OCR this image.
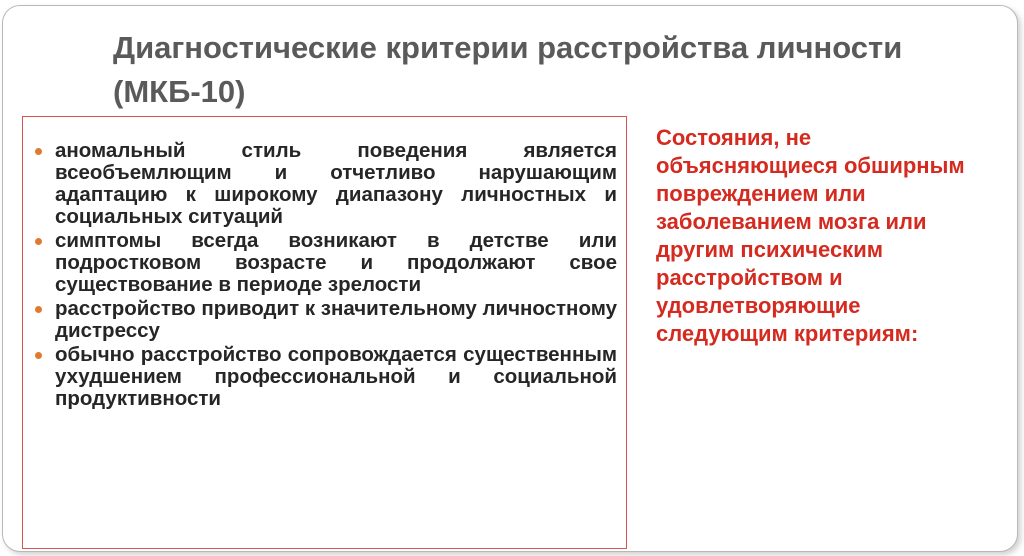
Диагностические критерии расстройства личности (МКБ-10)
аномальный стиль поведения является всеобъемлющим и отчетливо нарушающим адаптацию к широкому диапазону личностных и социальных ситуаций
симптомы всегда возникают в детстве или подростковом возрасте и продолжают свое существование в периоде зрелости
расстройство приводит к значительному личностному дистрессу
обычно расстройство сопровождается существенным ухудшением профессиональной и социальной продуктивности

Состояния, не объясняющиеся обширным повреждением или заболеванием мозга или другим психическим расстройством и удовлетворяющие следующим критериям:
